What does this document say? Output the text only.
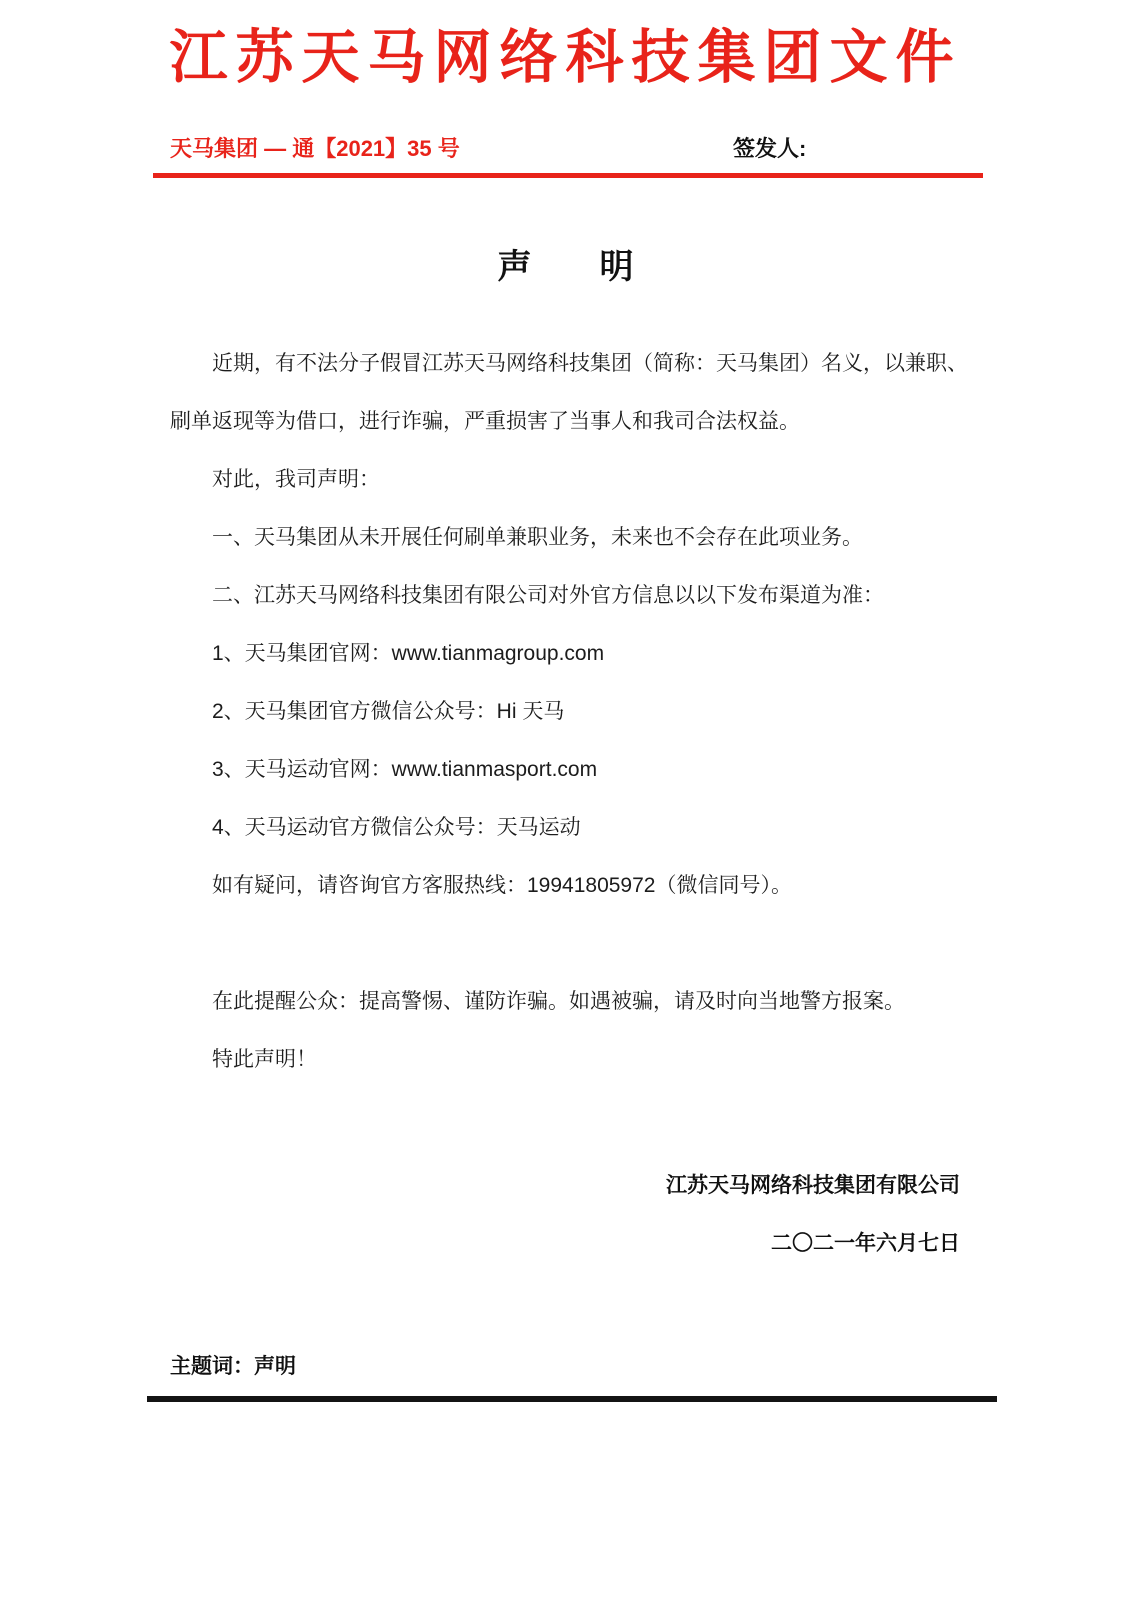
江苏天马网络科技集团文件
天马集团 — 通【2021】35 号	签发人:
声　　明

近期，有不法分子假冒江苏天马网络科技集团（简称：天马集团）名义，以兼职、

刷单返现等为借口，进行诈骗，严重损害了当事人和我司合法权益。

对此，我司声明：

一、天马集团从未开展任何刷单兼职业务，未来也不会存在此项业务。

二、江苏天马网络科技集团有限公司对外官方信息以以下发布渠道为准：

1、天马集团官网：www.tianmagroup.com

2、天马集团官方微信公众号：Hi 天马

3、天马运动官网：www.tianmasport.com

4、天马运动官方微信公众号：天马运动

如有疑问，请咨询官方客服热线：19941805972（微信同号）。

在此提醒公众：提高警惕、谨防诈骗。如遇被骗，请及时向当地警方报案。

特此声明！

江苏天马网络科技集团有限公司

二〇二一年六月七日

主题词：声明
